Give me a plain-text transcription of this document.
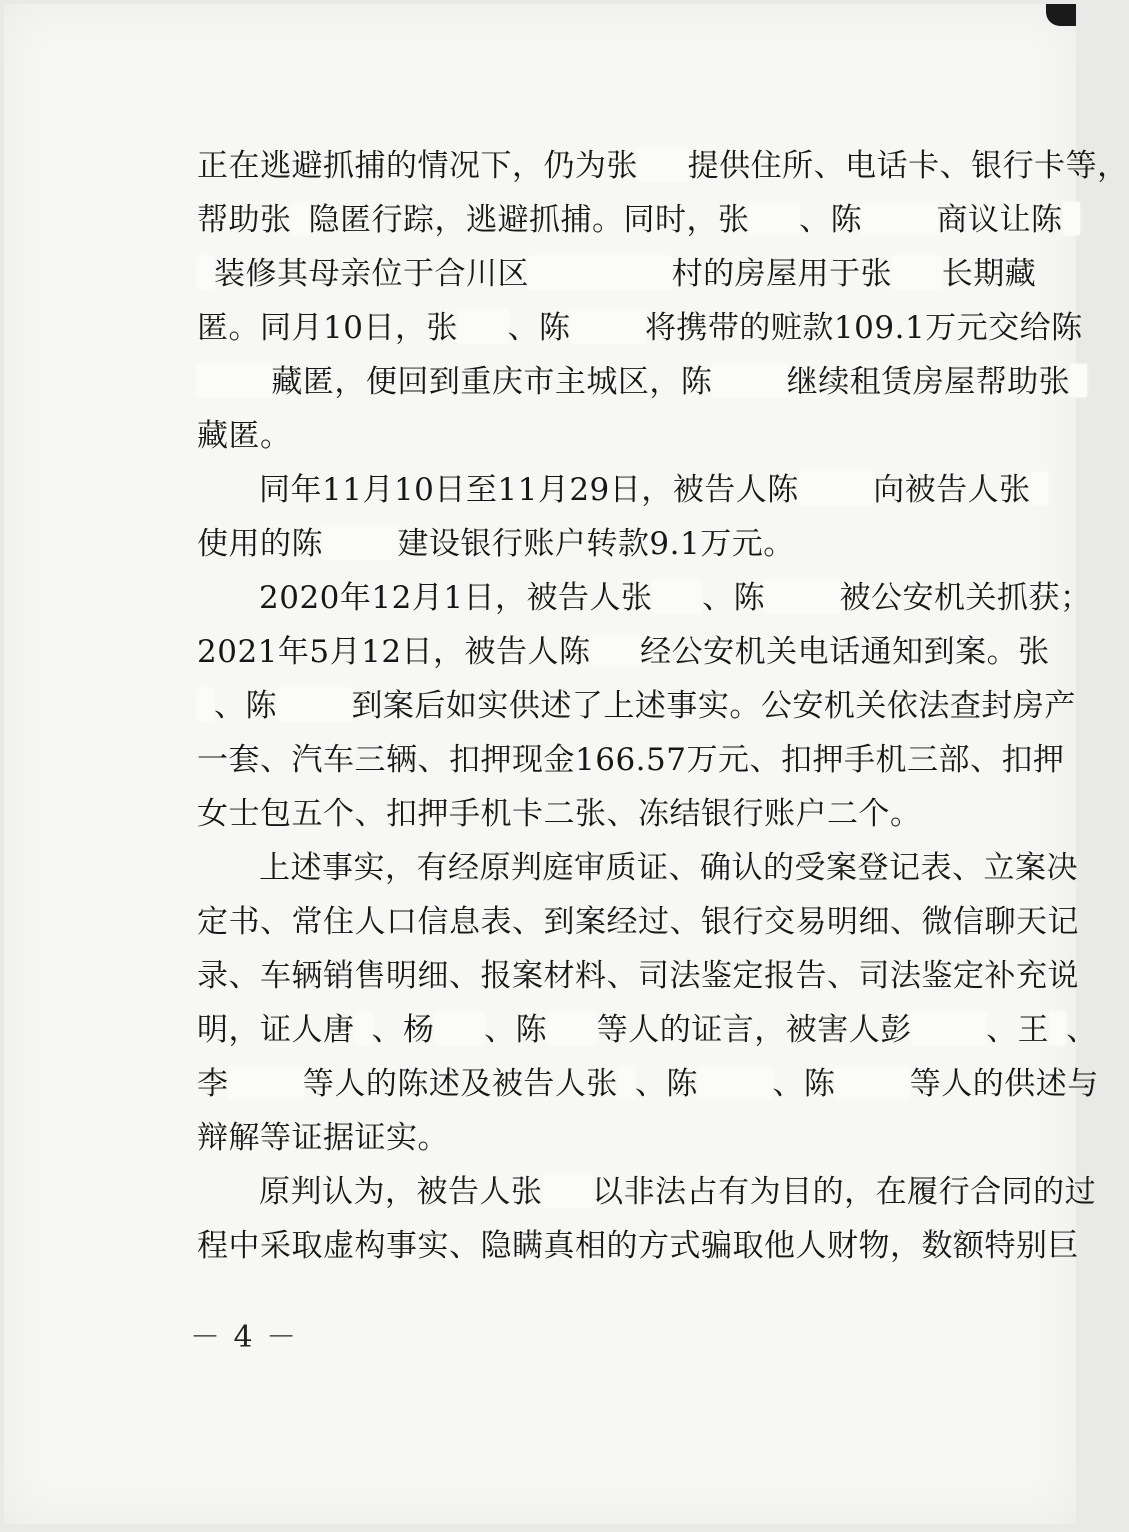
正在逃避抓捕的情况下，仍为张 提供住所、电话卡、银行卡等，
帮助张 隐匿行踪，逃避抓捕。同时，张 、陈 商议让陈
装修其母亲位于合川区	村的房屋用于张 长期藏
匿。同月10日，张 、陈 将携带的赃款109.1万元交给陈
藏匿，便回到重庆市主城区，陈 继续租赁房屋帮助张
藏匿。
同年11月10日至11月29日，被告人陈 向被告人张
使用的陈 建设银行账户转款9.1万元。
2020年12月1日，被告人张 、陈 被公安机关抓获；
2021年5月12日，被告人陈 经公安机关电话通知到案。张
、陈 到案后如实供述了上述事实。公安机关依法查封房产
一套、汽车三辆、扣押现金166.57万元、扣押手机三部、扣押
女士包五个、扣押手机卡二张、冻结银行账户二个。
上述事实，有经原判庭审质证、确认的受案登记表、立案决
定书、常住人口信息表、到案经过、银行交易明细、微信聊天记
录、车辆销售明细、报案材料、司法鉴定报告、司法鉴定补充说
明，证人唐 、杨 、陈 等人的证言，被害人彭 、王 、
李 等人的陈述及被告人张 、陈 、陈 等人的供述与
辩解等证据证实。
原判认为，被告人张 以非法占有为目的，在履行合同的过
程中采取虚构事实、隐瞒真相的方式骗取他人财物，数额特别巨
－ 4 －
